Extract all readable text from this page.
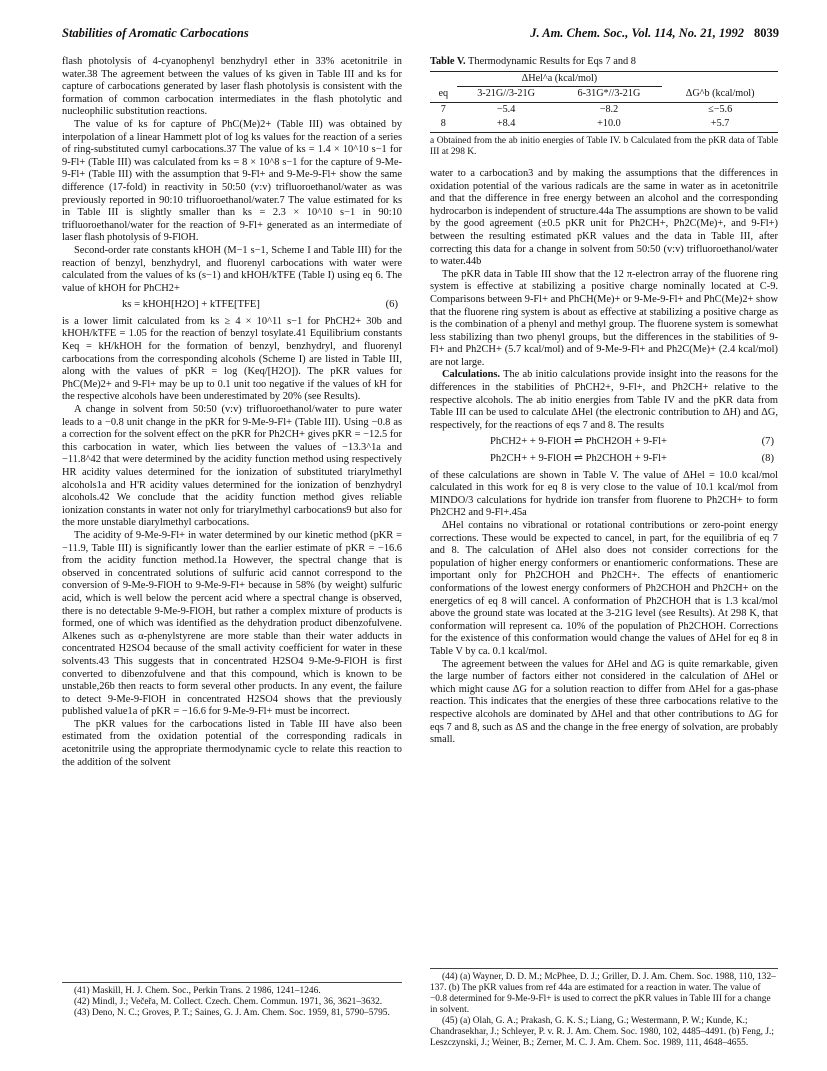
Stabilities of Aromatic Carbocations	J. Am. Chem. Soc., Vol. 114, No. 21, 1992 8039

flash photolysis of 4-cyanophenyl benzhydryl ether in 33% acetonitrile in water.38 The agreement between the values of ks given in Table III and ks for capture of carbocations generated by laser flash photolysis is consistent with the formation of common carbocation intermediates in the flash photolytic and nucleophilic substitution reactions.

The value of ks for capture of PhC(Me)2+ (Table III) was obtained by interpolation of a linear Hammett plot of log ks values for the reaction of a series of ring-substituted cumyl carbocations.37 The value of ks = 1.4 × 10^10 s−1 for 9-Fl+ (Table III) was calculated from ks = 8 × 10^8 s−1 for the capture of 9-Me-9-Fl+ (Table III) with the assumption that 9-Fl+ and 9-Me-9-Fl+ show the same difference (17-fold) in reactivity in 50:50 (v:v) trifluoroethanol/water as was previously reported in 90:10 trifluoroethanol/water.7 The value estimated for ks in Table III is slightly smaller than ks = 2.3 × 10^10 s−1 in 90:10 trifluoroethanol/water for the reaction of 9-Fl+ generated as an intermediate of laser flash photolysis of 9-FlOH.

Second-order rate constants kHOH (M−1 s−1, Scheme I and Table III) for the reaction of benzyl, benzhydryl, and fluorenyl carbocations with water were calculated from the values of ks (s−1) and kHOH/kTFE (Table I) using eq 6. The value of kHOH for PhCH2+

ks = kHOH[H2O] + kTFE[TFE]	(6)

is a lower limit calculated from ks ≥ 4 × 10^11 s−1 for PhCH2+ 30b and kHOH/kTFE = 1.05 for the reaction of benzyl tosylate.41 Equilibrium constants Keq = kH/kHOH for the formation of benzyl, benzhydryl, and fluorenyl carbocations from the corresponding alcohols (Scheme I) are listed in Table III, along with the values of pKR = log (Keq/[H2O]). The pKR values for PhC(Me)2+ and 9-Fl+ may be up to 0.1 unit too negative if the values of kH for the respective alcohols have been underestimated by 20% (see Results).

A change in solvent from 50:50 (v:v) trifluoroethanol/water to pure water leads to a −0.8 unit change in the pKR for 9-Me-9-Fl+ (Table III). Using −0.8 as a correction for the solvent effect on the pKR for Ph2CH+ gives pKR = −12.5 for this carbocation in water, which lies between the values of −13.3^1a and −11.8^42 that were determined by the acidity function method using respectively HR acidity values determined for the ionization of substituted triarylmethyl alcohols1a and H'R acidity values determined for the ionization of benzhydryl alcohols.42 We conclude that the acidity function method gives reliable ionization constants in water not only for triarylmethyl carbocations9 but also for the more unstable diarylmethyl carbocations.

The acidity of 9-Me-9-Fl+ in water determined by our kinetic method (pKR = −11.9, Table III) is significantly lower than the earlier estimate of pKR = −16.6 from the acidity function method.1a However, the spectral change that is observed in concentrated solutions of sulfuric acid cannot correspond to the conversion of 9-Me-9-FlOH to 9-Me-9-Fl+ because in 58% (by weight) sulfuric acid, which is well below the percent acid where a spectral change is observed, there is no detectable 9-Me-9-FlOH, but rather a complex mixture of products is formed, one of which was identified as the dehydration product dibenzofulvene. Alkenes such as α-phenylstyrene are more stable than their water adducts in concentrated H2SO4 because of the small activity coefficient for water in these solvents.43 This suggests that in concentrated H2SO4 9-Me-9-FlOH is first converted to dibenzofulvene and that this compound, which is known to be unstable,26b then reacts to form several other products. In any event, the failure to detect 9-Me-9-FlOH in concentrated H2SO4 shows that the previously published value1a of pKR = −16.6 for 9-Me-9-Fl+ must be incorrect.

The pKR values for the carbocations listed in Table III have also been estimated from the oxidation potential of the corresponding radicals in acetonitrile using the appropriate thermodynamic cycle to relate this reaction to the addition of the solvent

Table V. Thermodynamic Results for Eqs 7 and 8
	ΔHel^a (kcal/mol)		
eq	3-21G//3-21G	6-31G*//3-21G	ΔG^b (kcal/mol)
7	−5.4	−8.2	≤−5.6
8	+8.4	+10.0	+5.7
a Obtained from the ab initio energies of Table IV. b Calculated from the pKR data of Table III at 298 K.

water to a carbocation3 and by making the assumptions that the differences in oxidation potential of the various radicals are the same in water as in acetonitrile and that the difference in free energy between an alcohol and the corresponding hydrocarbon is independent of structure.44a The assumptions are shown to be valid by the good agreement (±0.5 pKR unit for Ph2CH+, Ph2C(Me)+, and 9-Fl+) between the resulting estimated pKR values and the data in Table III, after correcting this data for a change in solvent from 50:50 (v:v) trifluoroethanol/water to water.44b

The pKR data in Table III show that the 12 π-electron array of the fluorene ring system is effective at stabilizing a positive charge nominally located at C-9. Comparisons between 9-Fl+ and PhCH(Me)+ or 9-Me-9-Fl+ and PhC(Me)2+ show that the fluorene ring system is about as effective at stabilizing a positive charge as is the combination of a phenyl and methyl group. The fluorene system is somewhat less stabilizing than two phenyl groups, but the differences in the stabilities of 9-Fl+ and Ph2CH+ (5.7 kcal/mol) and of 9-Me-9-Fl+ and Ph2C(Me)+ (2.4 kcal/mol) are not large.

Calculations. The ab initio calculations provide insight into the reasons for the differences in the stabilities of PhCH2+, 9-Fl+, and Ph2CH+ relative to the respective alcohols. The ab initio energies from Table IV and the pKR data from Table III can be used to calculate ΔHel (the electronic contribution to ΔH) and ΔG, respectively, for the reactions of eqs 7 and 8. The results

PhCH2+ + 9-FlOH ⇌ PhCH2OH + 9-Fl+	(7)
Ph2CH+ + 9-FlOH ⇌ Ph2CHOH + 9-Fl+	(8)

of these calculations are shown in Table V. The value of ΔHel = 10.0 kcal/mol calculated in this work for eq 8 is very close to the value of 10.1 kcal/mol from MINDO/3 calculations for hydride ion transfer from fluorene to Ph2CH+ to form Ph2CH2 and 9-Fl+.45a

ΔHel contains no vibrational or rotational contributions or zero-point energy corrections. These would be expected to cancel, in part, for the equilibria of eq 7 and 8. The calculation of ΔHel also does not consider corrections for the population of higher energy conformers or enantiomeric conformations. These are important only for Ph2CHOH and Ph2CH+. The effects of enantiomeric conformations of the lowest energy conformers of Ph2CHOH and Ph2CH+ on the energetics of eq 8 will cancel. A conformation of Ph2CHOH that is 1.3 kcal/mol above the ground state was located at the 3-21G level (see Results). At 298 K, that conformation will represent ca. 10% of the population of Ph2CHOH. Corrections for the existence of this conformation would change the values of ΔHel for eq 8 in Table V by ca. 0.1 kcal/mol.

The agreement between the values for ΔHel and ΔG is quite remarkable, given the large number of factors either not considered in the calculation of ΔHel or which might cause ΔG for a solution reaction to differ from ΔHel for a gas-phase reaction. This indicates that the energies of these three carbocations relative to the respective alcohols are dominated by ΔHel and that other contributions to ΔG for eqs 7 and 8, such as ΔS and the change in the free energy of solvation, are probably small.

(41) Maskill, H. J. Chem. Soc., Perkin Trans. 2 1986, 1241–1246.

(42) Mindl, J.; Večeřa, M. Collect. Czech. Chem. Commun. 1971, 36, 3621–3632.

(43) Deno, N. C.; Groves, P. T.; Saines, G. J. Am. Chem. Soc. 1959, 81, 5790–5795.

(44) (a) Wayner, D. D. M.; McPhee, D. J.; Griller, D. J. Am. Chem. Soc. 1988, 110, 132–137. (b) The pKR values from ref 44a are estimated for a reaction in water. The value of −0.8 determined for 9-Me-9-Fl+ is used to correct the pKR values in Table III for a change in solvent.

(45) (a) Olah, G. A.; Prakash, G. K. S.; Liang, G.; Westermann, P. W.; Kunde, K.; Chandrasekhar, J.; Schleyer, P. v. R. J. Am. Chem. Soc. 1980, 102, 4485–4491. (b) Feng, J.; Leszczynski, J.; Weiner, B.; Zerner, M. C. J. Am. Chem. Soc. 1989, 111, 4648–4655.
